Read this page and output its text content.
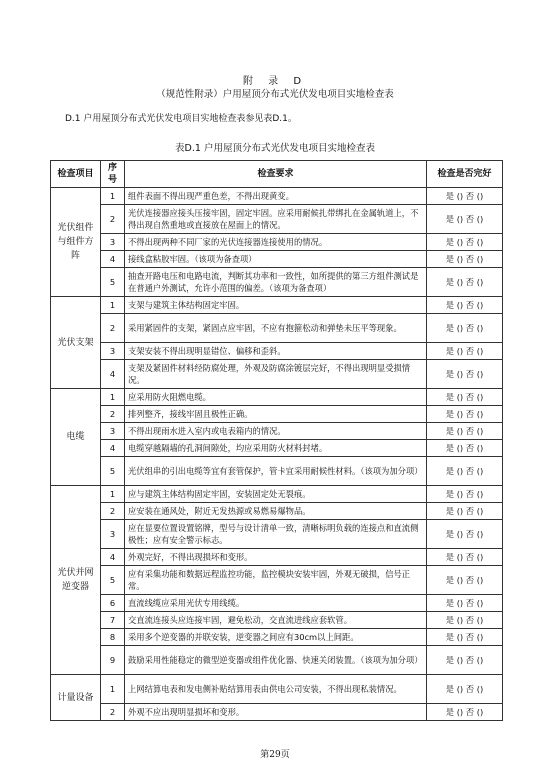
附 录 D
（规范性附录）户用屋顶分布式光伏发电项目实地检查表
D.1 户用屋顶分布式光伏发电项目实地检查表参见表D.1。
表D.1 户用屋顶分布式光伏发电项目实地检查表
检查项目	序号	检查要求	检查是否完好
光伏组件与组件方阵	1	组件表面不得出现严重色差，不得出现黄变。	是 () 否 ()
	2	光伏连接器应接头压接牢固，固定牢固。应采用耐候扎带绑扎在金属轨道上，不得出现自然重地或直接放在屋面上的情况。	是 () 否 ()
	3	不得出现两种不同厂家的光伏连接器连接使用的情况。	是 () 否 ()
	4	接线盒粘胶牢固。（该项为备查项）	是 () 否 ()
	5	抽查开路电压和电路电流，判断其功率和一致性，如所提供的第三方组件测试是在普通户外测试，允许小范围的偏差。（该项为备查项）	是 () 否 ()
光伏支架	1	支架与建筑主体结构固定牢固。	是 () 否 ()
	2	采用紧固件的支架，紧固点应牢固，不应有抱箍松动和弹垫未压平等现象。	是 () 否 ()
	3	支架安装不得出现明显错位、偏移和歪斜。	是 () 否 ()
	4	支架及紧固件材料经防腐处理，外观及防腐涂镀层完好，不得出现明显受损情况。	是 () 否 ()
电缆	1	应采用防火阻燃电缆。	是 () 否 ()
	2	排列整齐，接线牢固且极性正确。	是 () 否 ()
	3	不得出现雨水进入室内或电表箱内的情况。	是 () 否 ()
	4	电缆穿越隔墙的孔洞间隙处，均应采用防火材料封堵。	是 () 否 ()
	5	光伏组串的引出电缆等宜有套管保护，管卡宜采用耐候性材料。（该项为加分项）	是 () 否 ()
光伏并网逆变器	1	应与建筑主体结构固定牢固，安装固定处无裂痕。	是 () 否 ()
	2	应安装在通风处，附近无发热源或易燃易爆物品。	是 () 否 ()
	3	应在显要位置设置铭牌，型号与设计清单一致，清晰标明负载的连接点和直流侧极性；应有安全警示标志。	是 () 否 ()
	4	外观完好，不得出现损坏和变形。	是 () 否 ()
	5	应有采集功能和数据远程监控功能，监控模块安装牢固，外观无破损，信号正常。	是 () 否 ()
	6	直流线缆应采用光伏专用线缆。	是 () 否 ()
	7	交直流连接头应连接牢固，避免松动，交直流进线应套软管。	是 () 否 ()
	8	采用多个逆变器的并联安装，逆变器之间应有30cm以上间距。	是 () 否 ()
	9	鼓励采用性能稳定的微型逆变器或组件优化器、快速关闭装置。（该项为加分项）	是 () 否 ()
计量设备	1	上网结算电表和发电侧补贴结算用表由供电公司安装，不得出现私装情况。	是 () 否 ()
	2	外观不应出现明显损坏和变形。	是 () 否 ()
第29页
